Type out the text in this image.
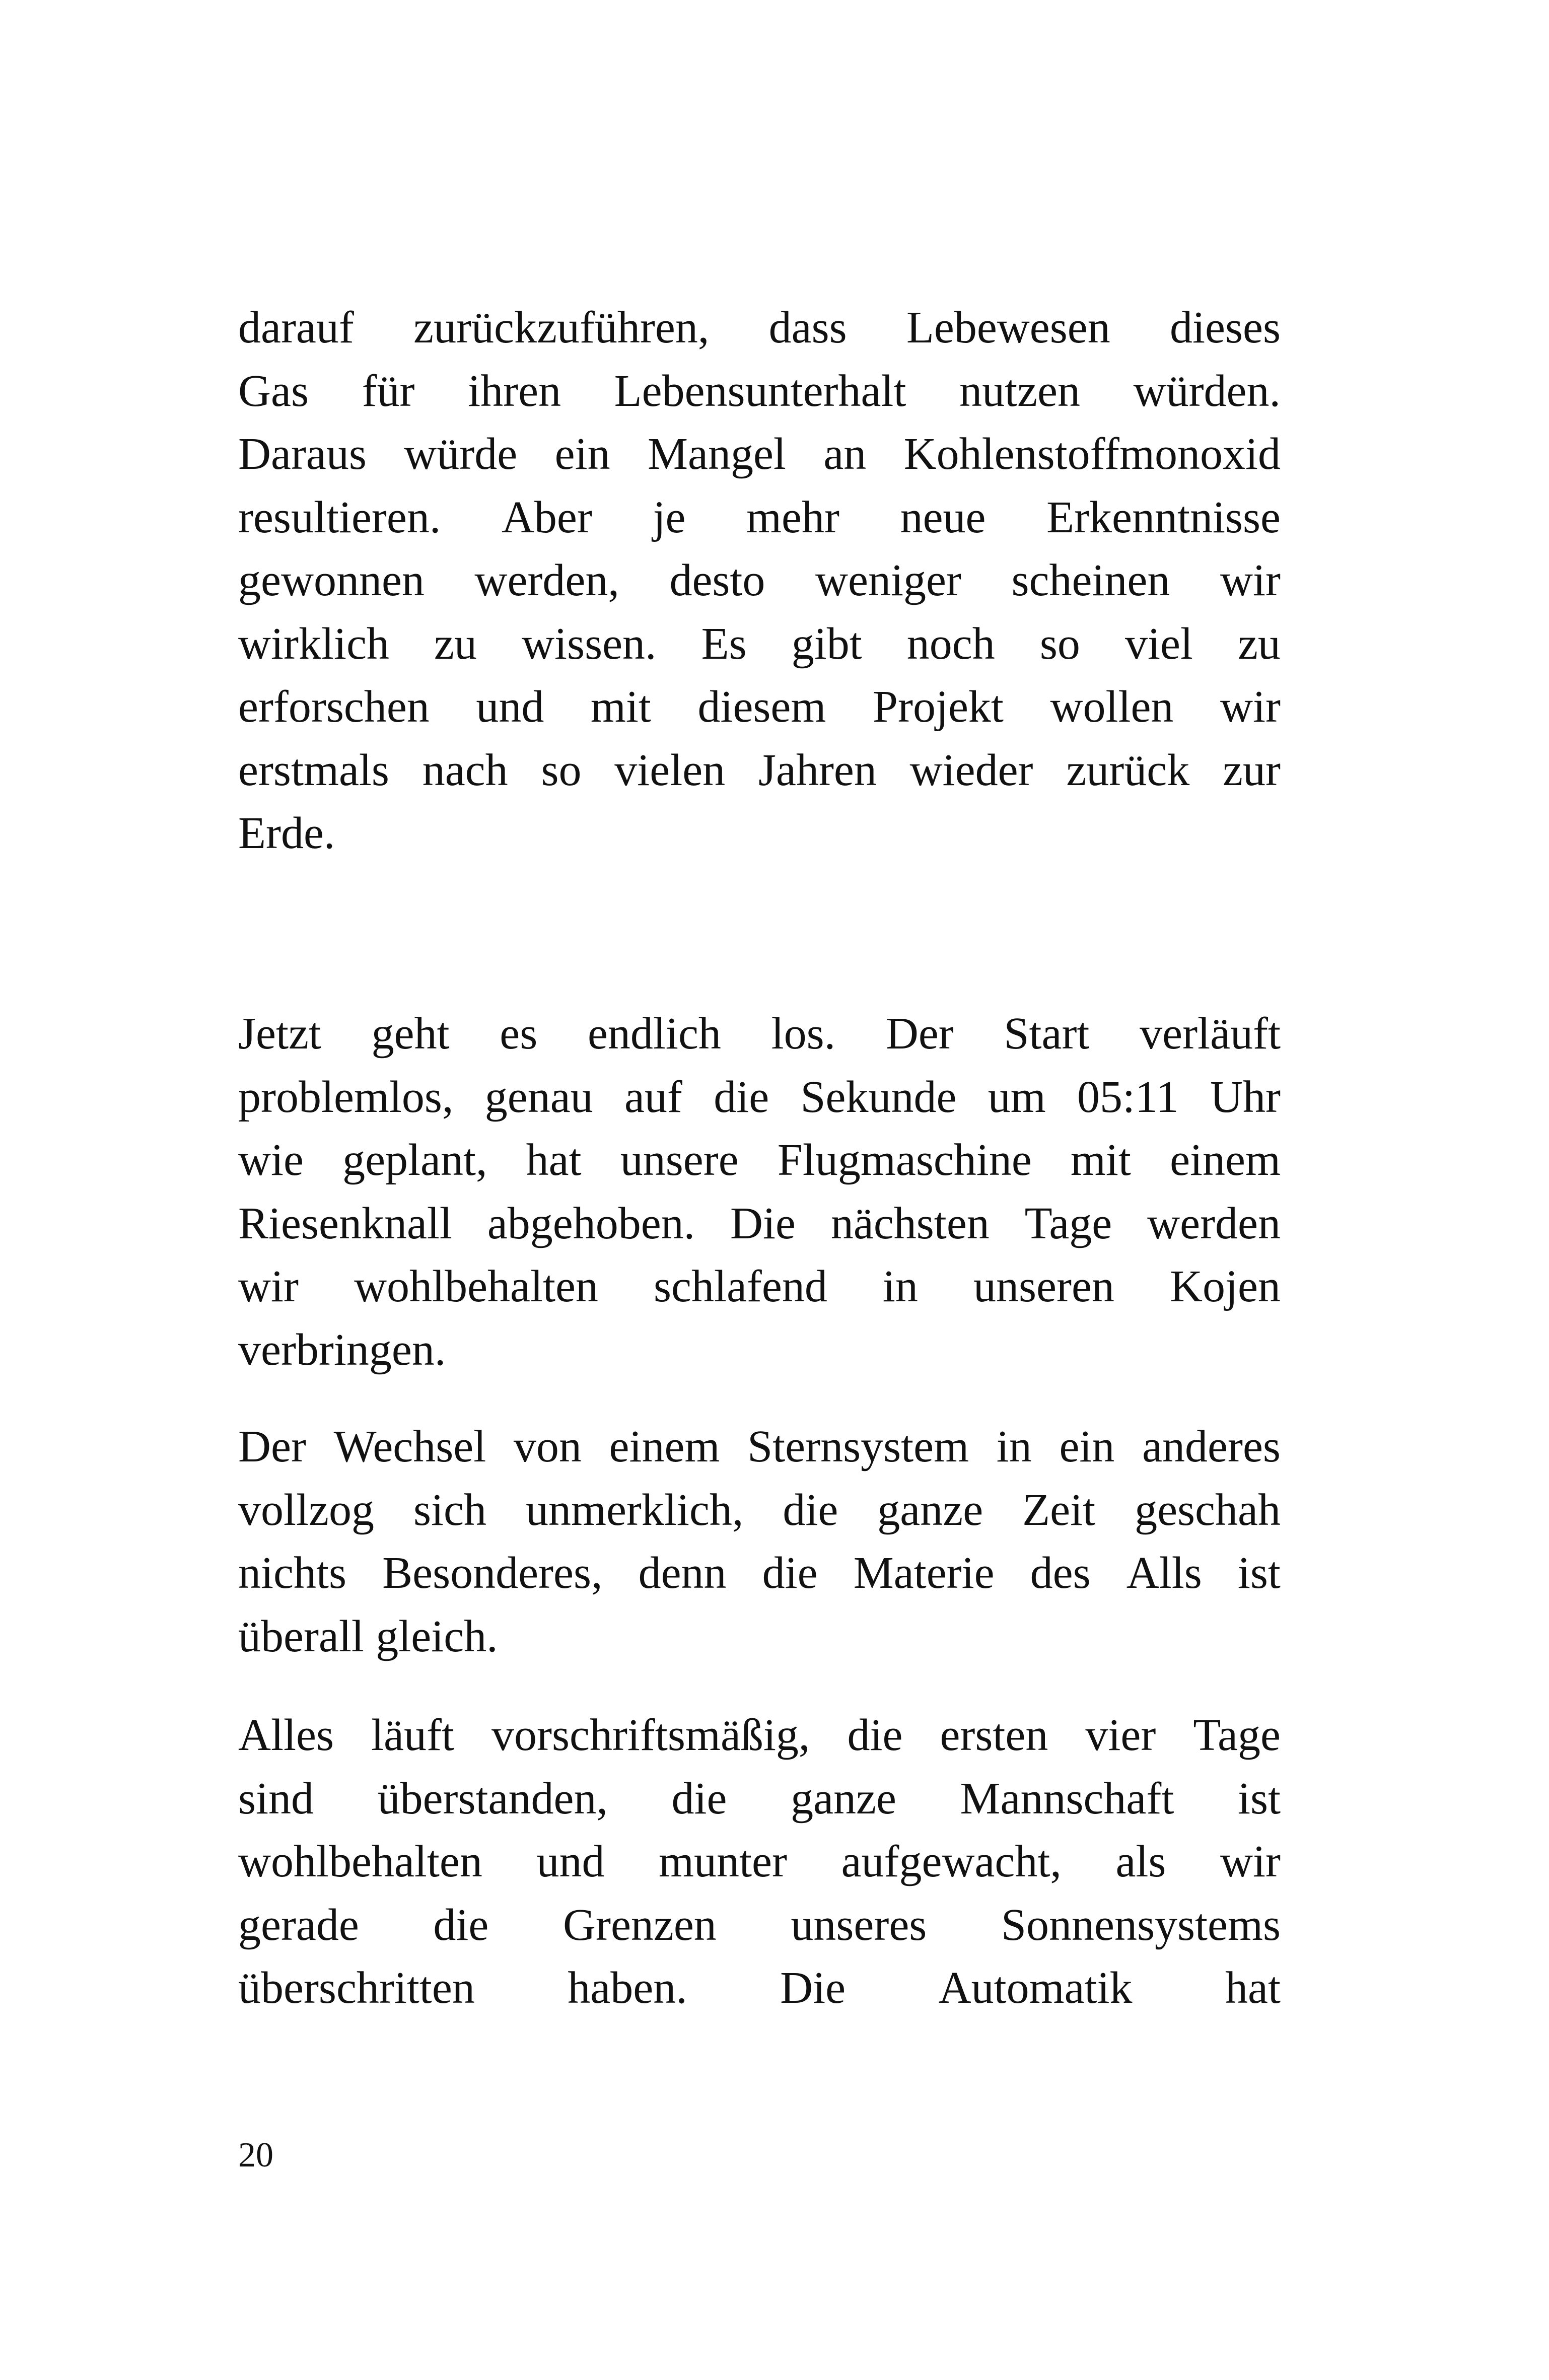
darauf zurückzuführen, dass Lebewesen dieses
Gas für ihren Lebensunterhalt nutzen würden.
Daraus würde ein Mangel an Kohlenstoffmonoxid
resultieren. Aber je mehr neue Erkenntnisse
gewonnen werden, desto weniger scheinen wir
wirklich zu wissen. Es gibt noch so viel zu
erforschen und mit diesem Projekt wollen wir
erstmals nach so vielen Jahren wieder zurück zur
Erde.
Jetzt geht es endlich los. Der Start verläuft
problemlos, genau auf die Sekunde um 05:11 Uhr
wie geplant, hat unsere Flugmaschine mit einem
Riesenknall abgehoben. Die nächsten Tage werden
wir wohlbehalten schlafend in unseren Kojen
verbringen.
Der Wechsel von einem Sternsystem in ein anderes
vollzog sich unmerklich, die ganze Zeit geschah
nichts Besonderes, denn die Materie des Alls ist
überall gleich.
Alles läuft vorschriftsmäßig, die ersten vier Tage
sind überstanden, die ganze Mannschaft ist
wohlbehalten und munter aufgewacht, als wir
gerade die Grenzen unseres Sonnensystems
überschritten haben. Die Automatik hat
20
